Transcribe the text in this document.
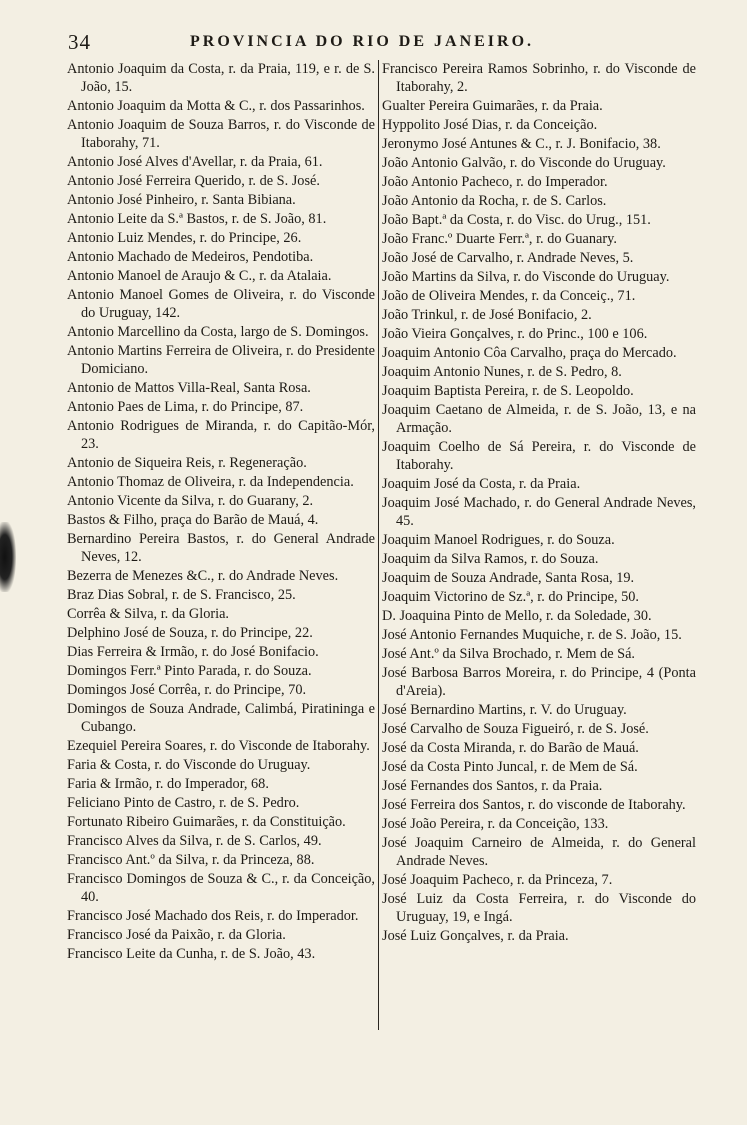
34	PROVINCIA DO RIO DE JANEIRO.

Antonio Joaquim da Costa, r. da Praia, 119, e r. de S. João, 15.

Antonio Joaquim da Motta & C., r. dos Passarinhos.

Antonio Joaquim de Souza Barros, r. do Visconde de Itaborahy, 71.

Antonio José Alves d'Avellar, r. da Praia, 61.

Antonio José Ferreira Querido, r. de S. José.

Antonio José Pinheiro, r. Santa Bibiana.

Antonio Leite da S.ª Bastos, r. de S. João, 81.

Antonio Luiz Mendes, r. do Principe, 26.

Antonio Machado de Medeiros, Pendotiba.

Antonio Manoel de Araujo & C., r. da Atalaia.

Antonio Manoel Gomes de Oliveira, r. do Visconde do Uruguay, 142.

Antonio Marcellino da Costa, largo de S. Domingos.

Antonio Martins Ferreira de Oliveira, r. do Presidente Domiciano.

Antonio de Mattos Villa-Real, Santa Rosa.

Antonio Paes de Lima, r. do Principe, 87.

Antonio Rodrigues de Miranda, r. do Capitão-Mór, 23.

Antonio de Siqueira Reis, r. Regeneração.

Antonio Thomaz de Oliveira, r. da Independencia.

Antonio Vicente da Silva, r. do Guarany, 2.

Bastos & Filho, praça do Barão de Mauá, 4.

Bernardino Pereira Bastos, r. do General Andrade Neves, 12.

Bezerra de Menezes &C., r. do Andrade Neves.

Braz Dias Sobral, r. de S. Francisco, 25.

Corrêa & Silva, r. da Gloria.

Delphino José de Souza, r. do Principe, 22.

Dias Ferreira & Irmão, r. do José Bonifacio.

Domingos Ferr.ª Pinto Parada, r. do Souza.

Domingos José Corrêa, r. do Principe, 70.

Domingos de Souza Andrade, Calimbá, Piratininga e Cubango.

Ezequiel Pereira Soares, r. do Visconde de Itaborahy.

Faria & Costa, r. do Visconde do Uruguay.

Faria & Irmão, r. do Imperador, 68.

Feliciano Pinto de Castro, r. de S. Pedro.

Fortunato Ribeiro Guimarães, r. da Constituição.

Francisco Alves da Silva, r. de S. Carlos, 49.

Francisco Ant.º da Silva, r. da Princeza, 88.

Francisco Domingos de Souza & C., r. da Conceição, 40.

Francisco José Machado dos Reis, r. do Imperador.

Francisco José da Paixão, r. da Gloria.

Francisco Leite da Cunha, r. de S. João, 43.

Francisco Pereira Ramos Sobrinho, r. do Visconde de Itaborahy, 2.

Gualter Pereira Guimarães, r. da Praia.

Hyppolito José Dias, r. da Conceição.

Jeronymo José Antunes & C., r. J. Bonifacio, 38.

João Antonio Galvão, r. do Visconde do Uruguay.

João Antonio Pacheco, r. do Imperador.

João Antonio da Rocha, r. de S. Carlos.

João Bapt.ª da Costa, r. do Visc. do Urug., 151.

João Franc.º Duarte Ferr.ª, r. do Guanary.

João José de Carvalho, r. Andrade Neves, 5.

João Martins da Silva, r. do Visconde do Uruguay.

João de Oliveira Mendes, r. da Conceiç., 71.

João Trinkul, r. de José Bonifacio, 2.

João Vieira Gonçalves, r. do Princ., 100 e 106.

Joaquim Antonio Côa Carvalho, praça do Mercado.

Joaquim Antonio Nunes, r. de S. Pedro, 8.

Joaquim Baptista Pereira, r. de S. Leopoldo.

Joaquim Caetano de Almeida, r. de S. João, 13, e na Armação.

Joaquim Coelho de Sá Pereira, r. do Visconde de Itaborahy.

Joaquim José da Costa, r. da Praia.

Joaquim José Machado, r. do General Andrade Neves, 45.

Joaquim Manoel Rodrigues, r. do Souza.

Joaquim da Silva Ramos, r. do Souza.

Joaquim de Souza Andrade, Santa Rosa, 19.

Joaquim Victorino de Sz.ª, r. do Principe, 50.

D. Joaquina Pinto de Mello, r. da Soledade, 30.

José Antonio Fernandes Muquiche, r. de S. João, 15.

José Ant.º da Silva Brochado, r. Mem de Sá.

José Barbosa Barros Moreira, r. do Principe, 4 (Ponta d'Areia).

José Bernardino Martins, r. V. do Uruguay.

José Carvalho de Souza Figueiró, r. de S. José.

José da Costa Miranda, r. do Barão de Mauá.

José da Costa Pinto Juncal, r. de Mem de Sá.

José Fernandes dos Santos, r. da Praia.

José Ferreira dos Santos, r. do visconde de Itaborahy.

José João Pereira, r. da Conceição, 133.

José Joaquim Carneiro de Almeida, r. do General Andrade Neves.

José Joaquim Pacheco, r. da Princeza, 7.

José Luiz da Costa Ferreira, r. do Visconde do Uruguay, 19, e Ingá.

José Luiz Gonçalves, r. da Praia.
